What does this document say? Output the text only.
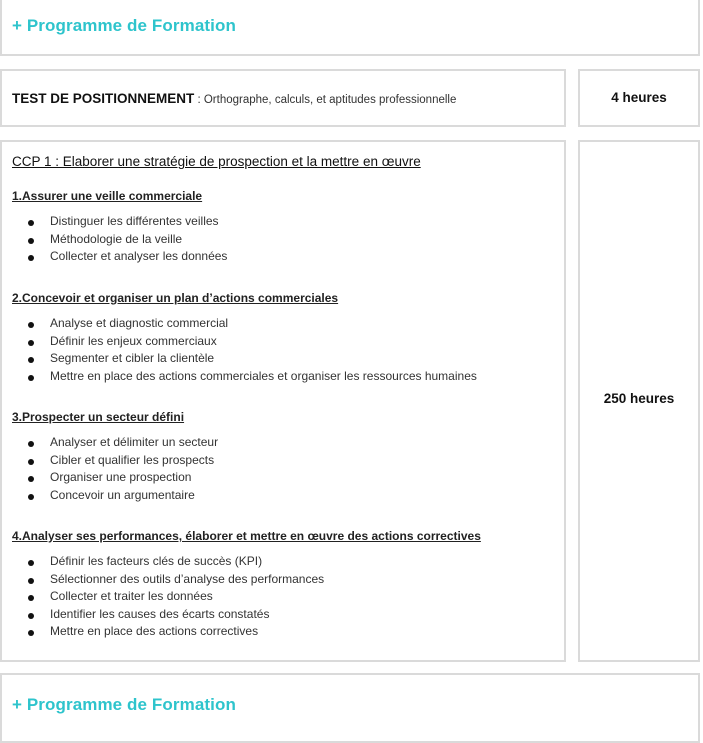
+ Programme de Formation
TEST DE POSITIONNEMENT : Orthographe, calculs, et aptitudes professionnelle	4 heures
CCP 1 : Elaborer une stratégie de prospection et la mettre en œuvre

1.Assurer une veille commerciale

Distinguer les différentes veilles
Méthodologie de la veille
Collecter et analyser les données

2.Concevoir et organiser un plan d’actions commerciales

Analyse et diagnostic commercial
Définir les enjeux commerciaux
Segmenter et cibler la clientèle
Mettre en place des actions commerciales et organiser les ressources humaines

3.Prospecter un secteur défini

Analyser et délimiter un secteur
Cibler et qualifier les prospects
Organiser une prospection
Concevoir un argumentaire

4.Analyser ses performances, élaborer et mettre en œuvre des actions correctives

Définir les facteurs clés de succès (KPI)
Sélectionner des outils d’analyse des performances
Collecter et traiter les données
Identifier les causes des écarts constatés
Mettre en place des actions correctives
250 heures
+ Programme de Formation
